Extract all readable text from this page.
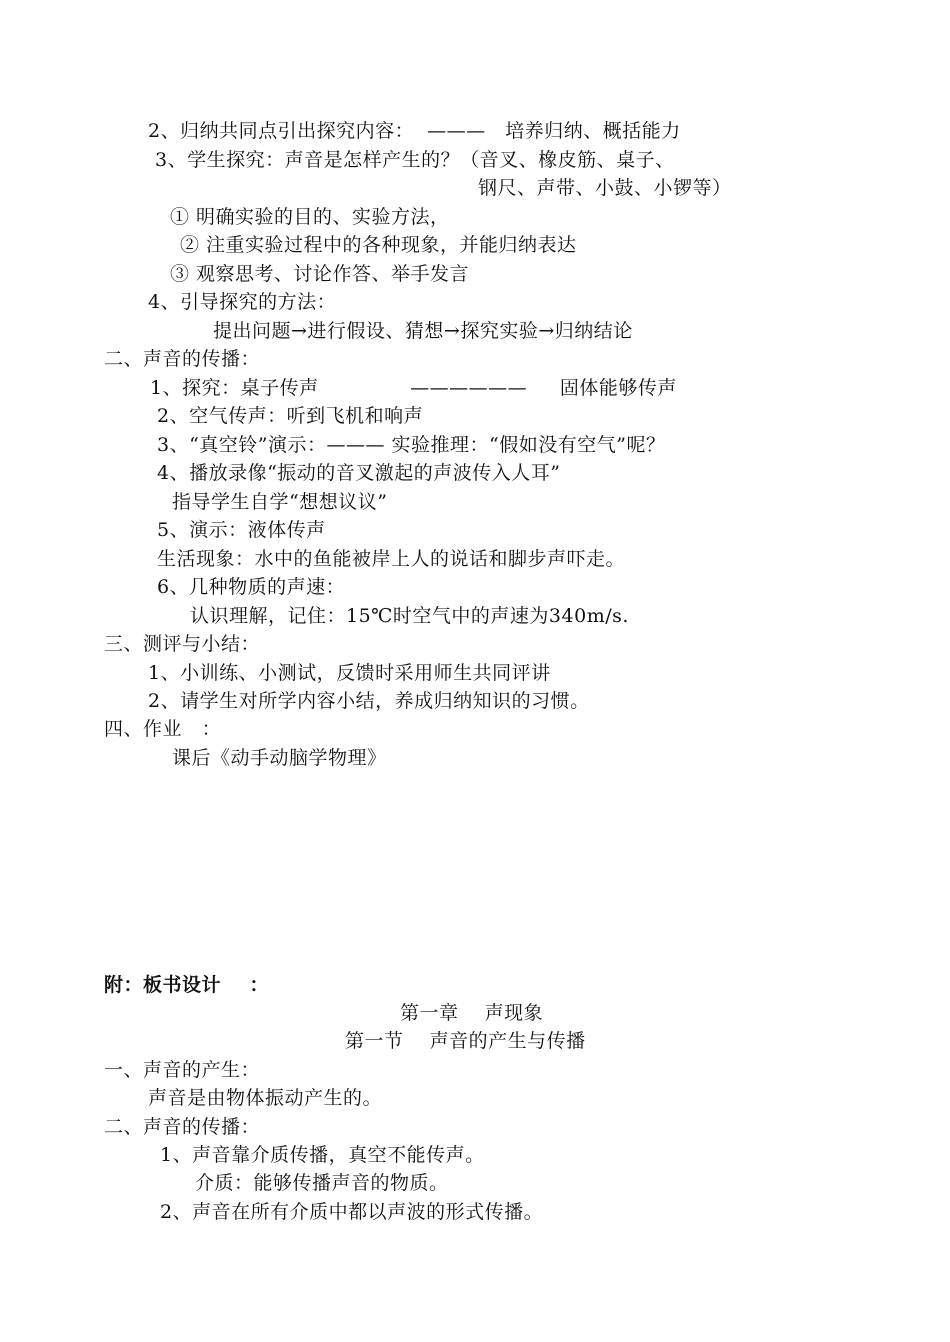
2、归纳共同点引出探究内容：  ———   培养归纳、概括能力
3、学生探究：声音是怎样产生的？（音叉、橡皮筋、桌子、
钢尺、声带、小鼓、小锣等）
① 明确实验的目的、实验方法，
② 注重实验过程中的各种现象，并能归纳表达
③ 观察思考、讨论作答、举手发言
4、引导探究的方法：
提出问题→进行假设、猜想→探究实验→归纳结论
二、声音的传播：
1、探究：桌子传声              ——————     固体能够传声
2、空气传声：听到飞机和响声
3、“真空铃”演示：——— 实验推理：“假如没有空气”呢？
4、播放录像“振动的音叉激起的声波传入人耳”
指导学生自学“想想议议”
5、演示：液体传声
生活现象：水中的鱼能被岸上人的说话和脚步声吓走。
6、几种物质的声速：
认识理解，记住：15℃时空气中的声速为340m/s.
三、测评与小结：
1、小训练、小测试，反馈时采用师生共同评讲
2、请学生对所学内容小结，养成归纳知识的习惯。
四、作业   ：
课后《动手动脑学物理》
附：板书设计    ：
第一章    声现象
第一节    声音的产生与传播
一、声音的产生：
声音是由物体振动产生的。
二、声音的传播：
1、声音靠介质传播，真空不能传声。
介质：能够传播声音的物质。
2、声音在所有介质中都以声波的形式传播。
